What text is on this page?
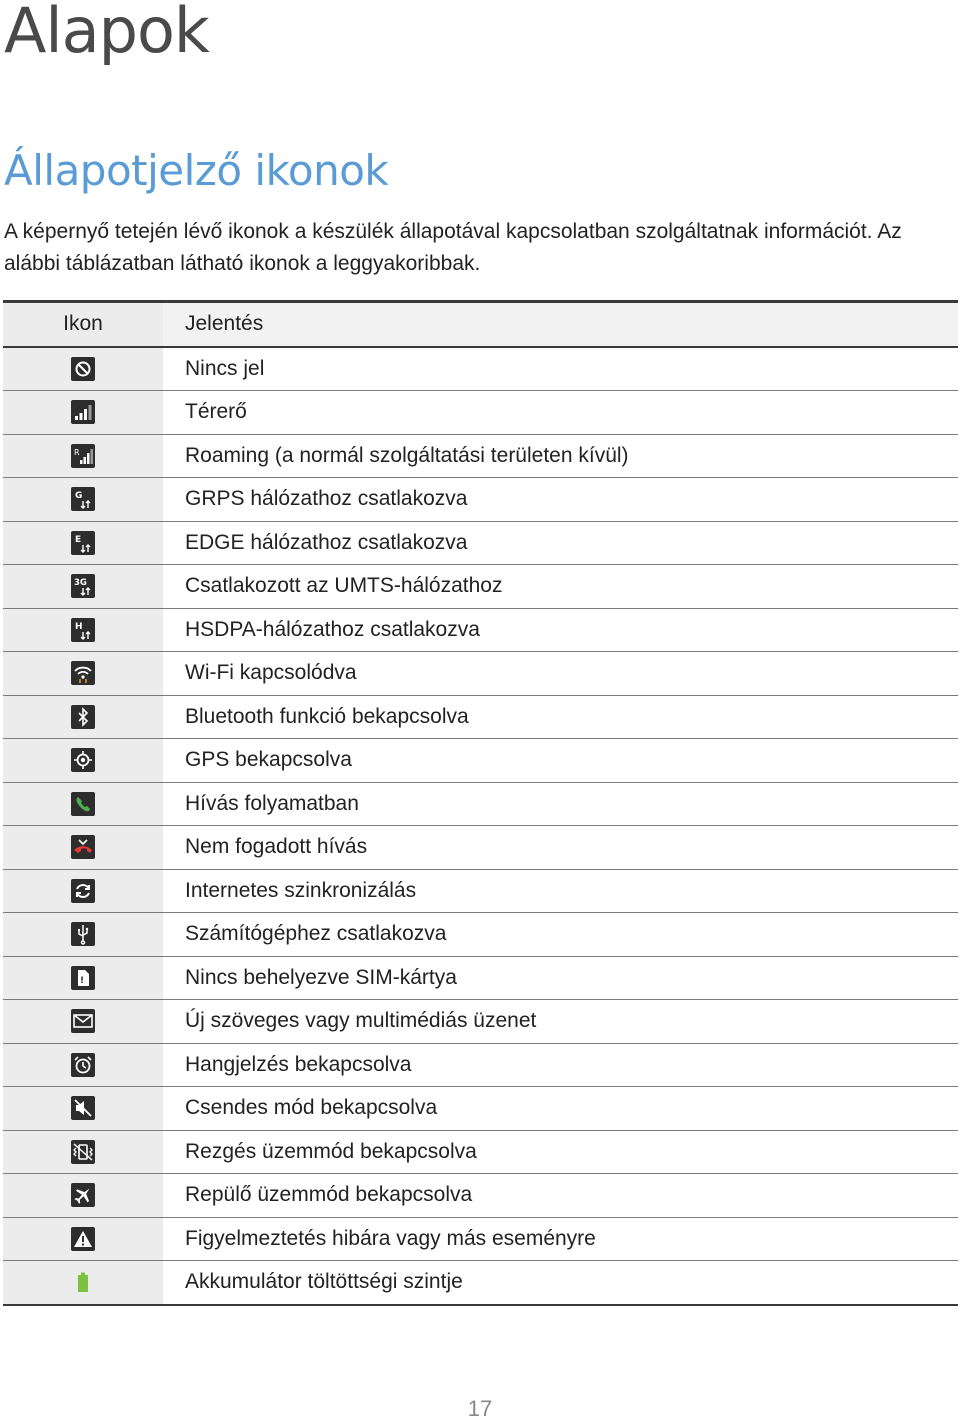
Alapok
Állapotjelző ikonok

A képernyő tetején lévő ikonok a készülék állapotával kapcsolatban szolgáltatnak információt. Az alábbi táblázatban látható ikonok a leggyakoribbak.

Ikon	Jelentés

	Nincs jel

	Térerő

R	Roaming (a normál szolgáltatási területen kívül)

G	GRPS hálózathoz csatlakozva

E	EDGE hálózathoz csatlakozva

3G	Csatlakozott az UMTS-hálózathoz

H	HSDPA-hálózathoz csatlakozva

	Wi-Fi kapcsolódva

	Bluetooth funkció bekapcsolva

	GPS bekapcsolva

	Hívás folyamatban

	Nem fogadott hívás

	Internetes szinkronizálás

	Számítógéphez csatlakozva

!	Nincs behelyezve SIM-kártya

	Új szöveges vagy multimédiás üzenet

	Hangjelzés bekapcsolva

	Csendes mód bekapcsolva

	Rezgés üzemmód bekapcsolva

	Repülő üzemmód bekapcsolva

	Figyelmeztetés hibára vagy más eseményre

	Akkumulátor töltöttségi szintje
17
